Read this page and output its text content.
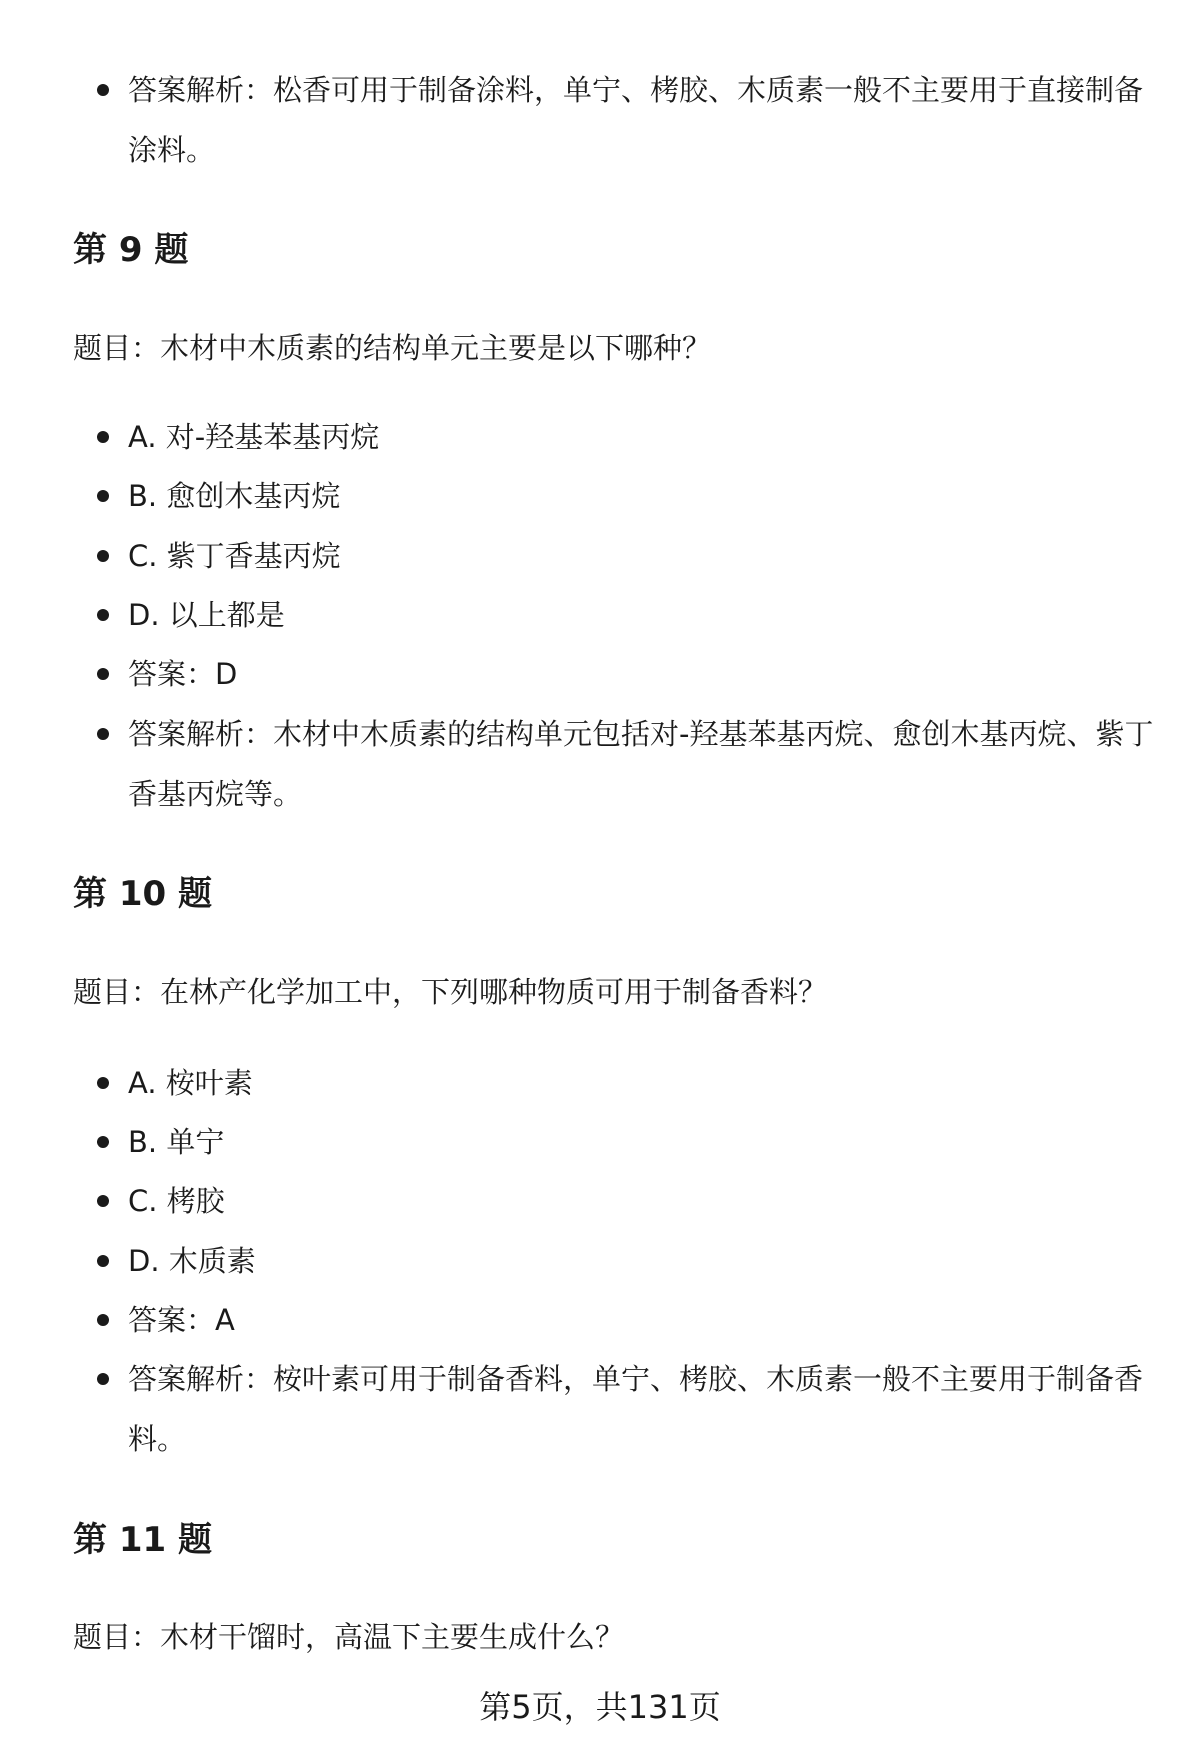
答案解析：松香可用于制备涂料，单宁、栲胶、木质素一般不主要用于直接制备涂料。
第 9 题
题目：木材中木质素的结构单元主要是以下哪种？
A. 对-羟基苯基丙烷
B. 愈创木基丙烷
C. 紫丁香基丙烷
D. 以上都是
答案：D
答案解析：木材中木质素的结构单元包括对-羟基苯基丙烷、愈创木基丙烷、紫丁香基丙烷等。
第 10 题
题目：在林产化学加工中，下列哪种物质可用于制备香料？
A. 桉叶素
B. 单宁
C. 栲胶
D. 木质素
答案：A
答案解析：桉叶素可用于制备香料，单宁、栲胶、木质素一般不主要用于制备香料。
第 11 题
题目：木材干馏时，高温下主要生成什么？
第5页，共131页
